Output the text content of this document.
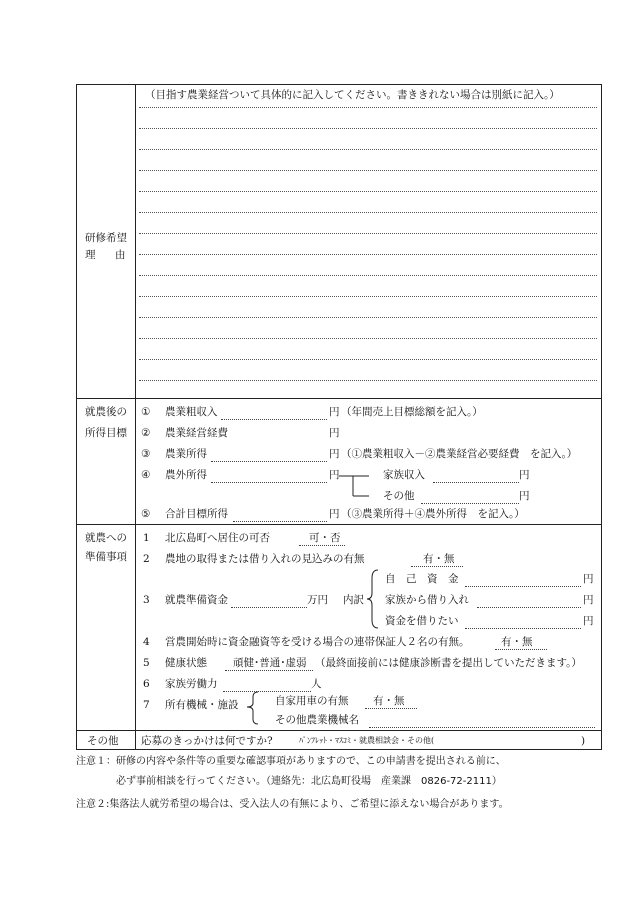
研修希望
理 由
（目指す農業経営ついて具体的に記入してください。書ききれない場合は別紙に記入。）
就農後の
所得目標
① 農業粗収入	円 （年間売上目標総額を記入。）
② 農業経営経費	円
③ 農業所得	円 （①農業粗収入－②農業経営必要経費　を記入。）
④ 農外所得	円	家族収入	円
その他	円
⑤ 合計目標所得	円 （③農業所得＋④農外所得　を記入。）
就農への
準備事項
1 北広島町へ居住の可否	可・否
2 農地の取得または借り入れの見込みの有無	有・無
3 就農準備資金	万円 内訳
自　己　資　金	円
家族から借り入れ	円
資金を借りたい	円
4 営農開始時に資金融資等を受ける場合の連帯保証人２名の有無。	有・無
5 健康状態 頑健･普通･虚弱 （最終面接前には健康診断書を提出していただきます。）
6 家族労働力	人
7 所有機械・施設	自家用車の有無 有・無
その他農業機械名
その他 応募のきっかけは何ですか?	ﾊﾟﾝﾌﾚｯﾄ・ﾏｽｺﾐ・就農相談会・その他(	)
注意１：研修の内容や条件等の重要な確認事項がありますので、この申請書を提出される前に、
必ず事前相談を行ってください。（連絡先：北広島町役場　産業課　0826-72-2111）
注意２:集落法人就労希望の場合は、受入法人の有無により、ご希望に添えない場合があります。
